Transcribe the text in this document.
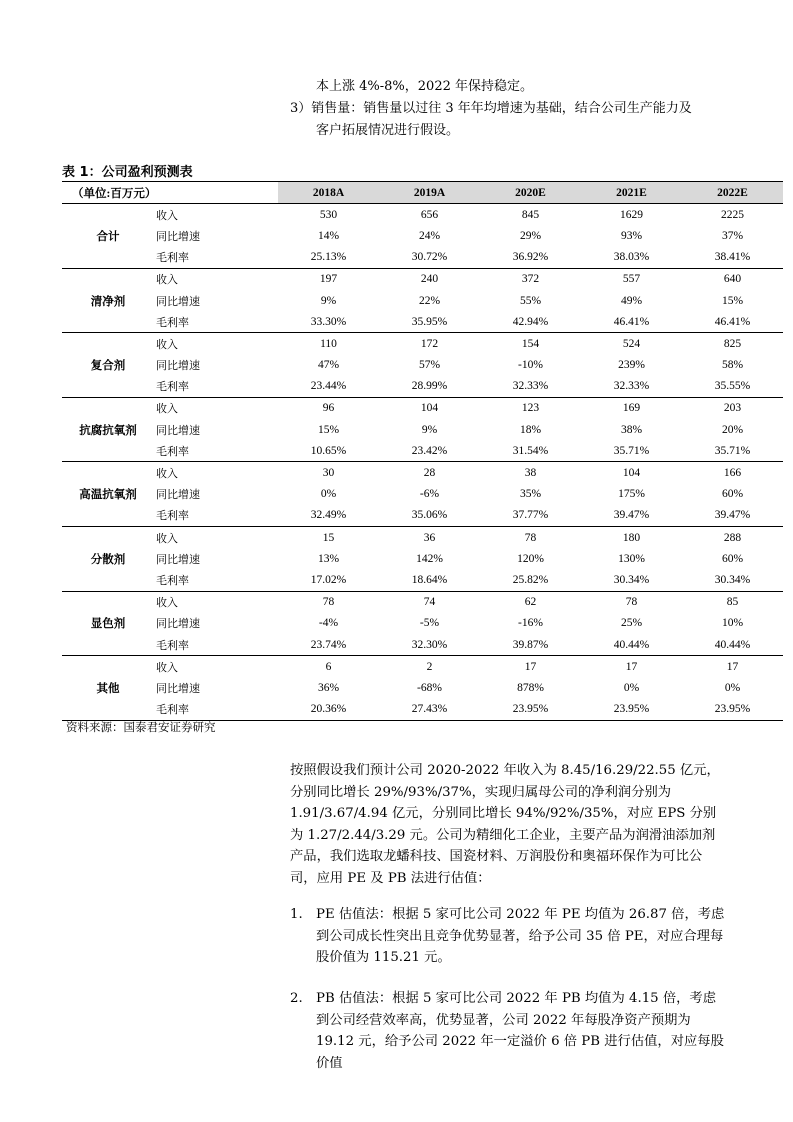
本上涨 4%-8%，2022 年保持稳定。
3）销售量：销售量以过往 3 年年均增速为基础，结合公司生产能力及
客户拓展情况进行假设。
表 1：公司盈利预测表
（单位:百万元）		2018A	2019A	2020E	2021E	2022E
合计	收入	530	656	845	1629	2225
	同比增速	14%	24%	29%	93%	37%
	毛利率	25.13%	30.72%	36.92%	38.03%	38.41%
清净剂	收入	197	240	372	557	640
	同比增速	9%	22%	55%	49%	15%
	毛利率	33.30%	35.95%	42.94%	46.41%	46.41%
复合剂	收入	110	172	154	524	825
	同比增速	47%	57%	-10%	239%	58%
	毛利率	23.44%	28.99%	32.33%	32.33%	35.55%
抗腐抗氧剂	收入	96	104	123	169	203
	同比增速	15%	9%	18%	38%	20%
	毛利率	10.65%	23.42%	31.54%	35.71%	35.71%
高温抗氧剂	收入	30	28	38	104	166
	同比增速	0%	-6%	35%	175%	60%
	毛利率	32.49%	35.06%	37.77%	39.47%	39.47%
分散剂	收入	15	36	78	180	288
	同比增速	13%	142%	120%	130%	60%
	毛利率	17.02%	18.64%	25.82%	30.34%	30.34%
显色剂	收入	78	74	62	78	85
	同比增速	-4%	-5%	-16%	25%	10%
	毛利率	23.74%	32.30%	39.87%	40.44%	40.44%
其他	收入	6	2	17	17	17
	同比增速	36%	-68%	878%	0%	0%
	毛利率	20.36%	27.43%	23.95%	23.95%	23.95%
资料来源：国泰君安证券研究
按照假设我们预计公司 2020-2022 年收入为 8.45/16.29/22.55 亿元，分别同比增长 29%/93%/37%，实现归属母公司的净利润分别为 1.91/3.67/4.94 亿元，分别同比增长 94%/92%/35%，对应 EPS 分别为 1.27/2.44/3.29 元。公司为精细化工企业，主要产品为润滑油添加剂产品，我们选取龙蟠科技、国瓷材料、万润股份和奥福环保作为可比公司，应用 PE 及 PB 法进行估值：
1. PE 估值法：根据 5 家可比公司 2022 年 PE 均值为 26.87 倍，考虑到公司成长性突出且竞争优势显著，给予公司 35 倍 PE，对应合理每股价值为 115.21 元。
2. PB 估值法：根据 5 家可比公司 2022 年 PB 均值为 4.15 倍，考虑到公司经营效率高，优势显著，公司 2022 年每股净资产预期为 19.12 元，给予公司 2022 年一定溢价 6 倍 PB 进行估值，对应每股价值
